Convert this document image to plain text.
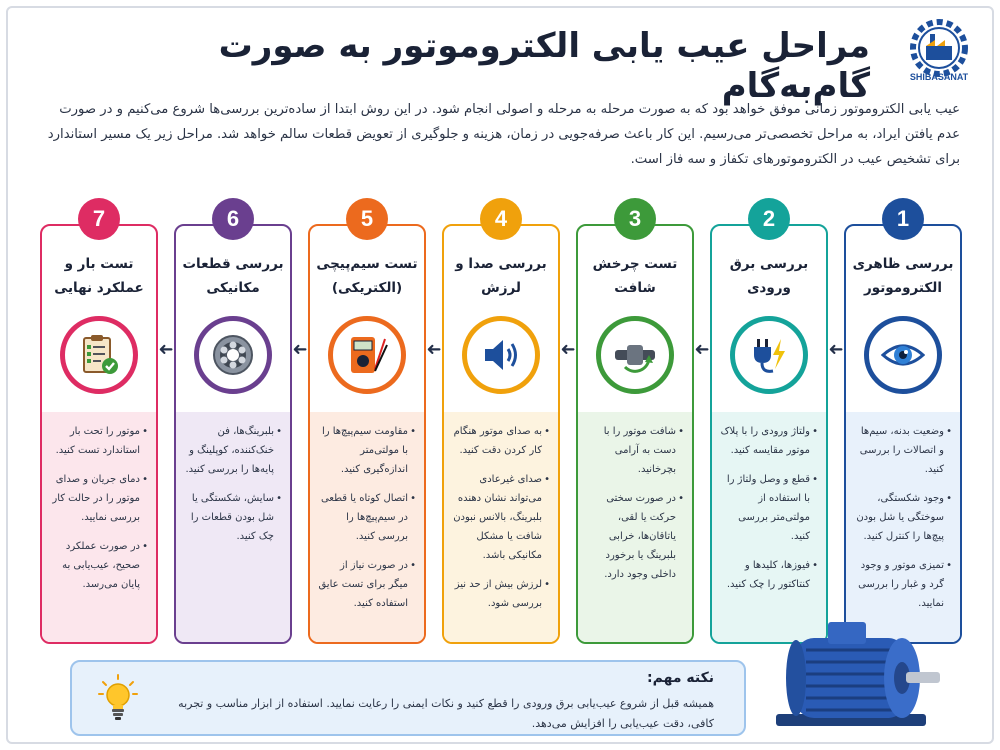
SHIBASANAT
مراحل عیب یابی الکتروموتور به صورت گام‌به‌گام
عیب یابی الکتروموتور زمانی موفق خواهد بود که به صورت مرحله به مرحله و اصولی انجام شود. در این روش ابتدا از ساده‌ترین بررسی‌ها شروع می‌کنیم و در صورت عدم یافتن ایراد، به مراحل تخصصی‌تر می‌رسیم. این کار باعث صرفه‌جویی در زمان، هزینه و جلوگیری از تعویض قطعات سالم خواهد شد. مراحل زیر یک مسیر استاندارد برای تشخیص عیب در الکتروموتورهای تکفاز و سه فاز است.
1
بررسی ظاهری الکتروموتور
• وضعیت بدنه، سیم‌ها و اتصالات را بررسی کنید.
• وجود شکستگی، سوختگی یا شل بودن پیچ‌ها را کنترل کنید.
• تمیزی موتور و وجود گرد و غبار را بررسی نمایید.
➜
2
بررسی برق ورودی
• ولتاژ ورودی را با پلاک موتور مقایسه کنید.
• قطع و وصل ولتاژ را با استفاده از مولتی‌متر بررسی کنید.
• فیوزها، کلیدها و کنتاکتور را چک کنید.
➜
3
تست چرخش شافت
• شافت موتور را با دست به آرامی بچرخانید.
• در صورت سختی حرکت یا لقی، یاتاقان‌ها، خرابی بلبرینگ یا برخورد داخلی وجود دارد.
➜
4
بررسی صدا و لرزش
• به صدای موتور هنگام کار کردن دقت کنید.
• صدای غیرعادی می‌تواند نشان دهنده بلبرینگ، بالانس نبودن شافت یا مشکل مکانیکی باشد.
• لرزش بیش از حد نیز بررسی شود.
➜
5
تست سیم‌پیچی (الکتریکی)
• مقاومت سیم‌پیچ‌ها را با مولتی‌متر اندازه‌گیری کنید.
• اتصال کوتاه یا قطعی در سیم‌پیچ‌ها را بررسی کنید.
• در صورت نیاز از میگر برای تست عایق استفاده کنید.
➜
6
بررسی قطعات مکانیکی
• بلبرینگ‌ها، فن خنک‌کننده، کوپلینگ و پایه‌ها را بررسی کنید.
• سایش، شکستگی یا شل بودن قطعات را چک کنید.
➜
7
تست بار و عملکرد نهایی
• موتور را تحت بار استاندارد تست کنید.
• دمای جریان و صدای موتور را در حالت کار بررسی نمایید.
• در صورت عملکرد صحیح، عیب‌یابی به پایان می‌رسد.
نکته مهم:
همیشه قبل از شروع عیب‌یابی برق ورودی را قطع کنید و نکات ایمنی را رعایت نمایید. استفاده از ابزار مناسب و تجربه کافی، دقت عیب‌یابی را افزایش می‌دهد.
